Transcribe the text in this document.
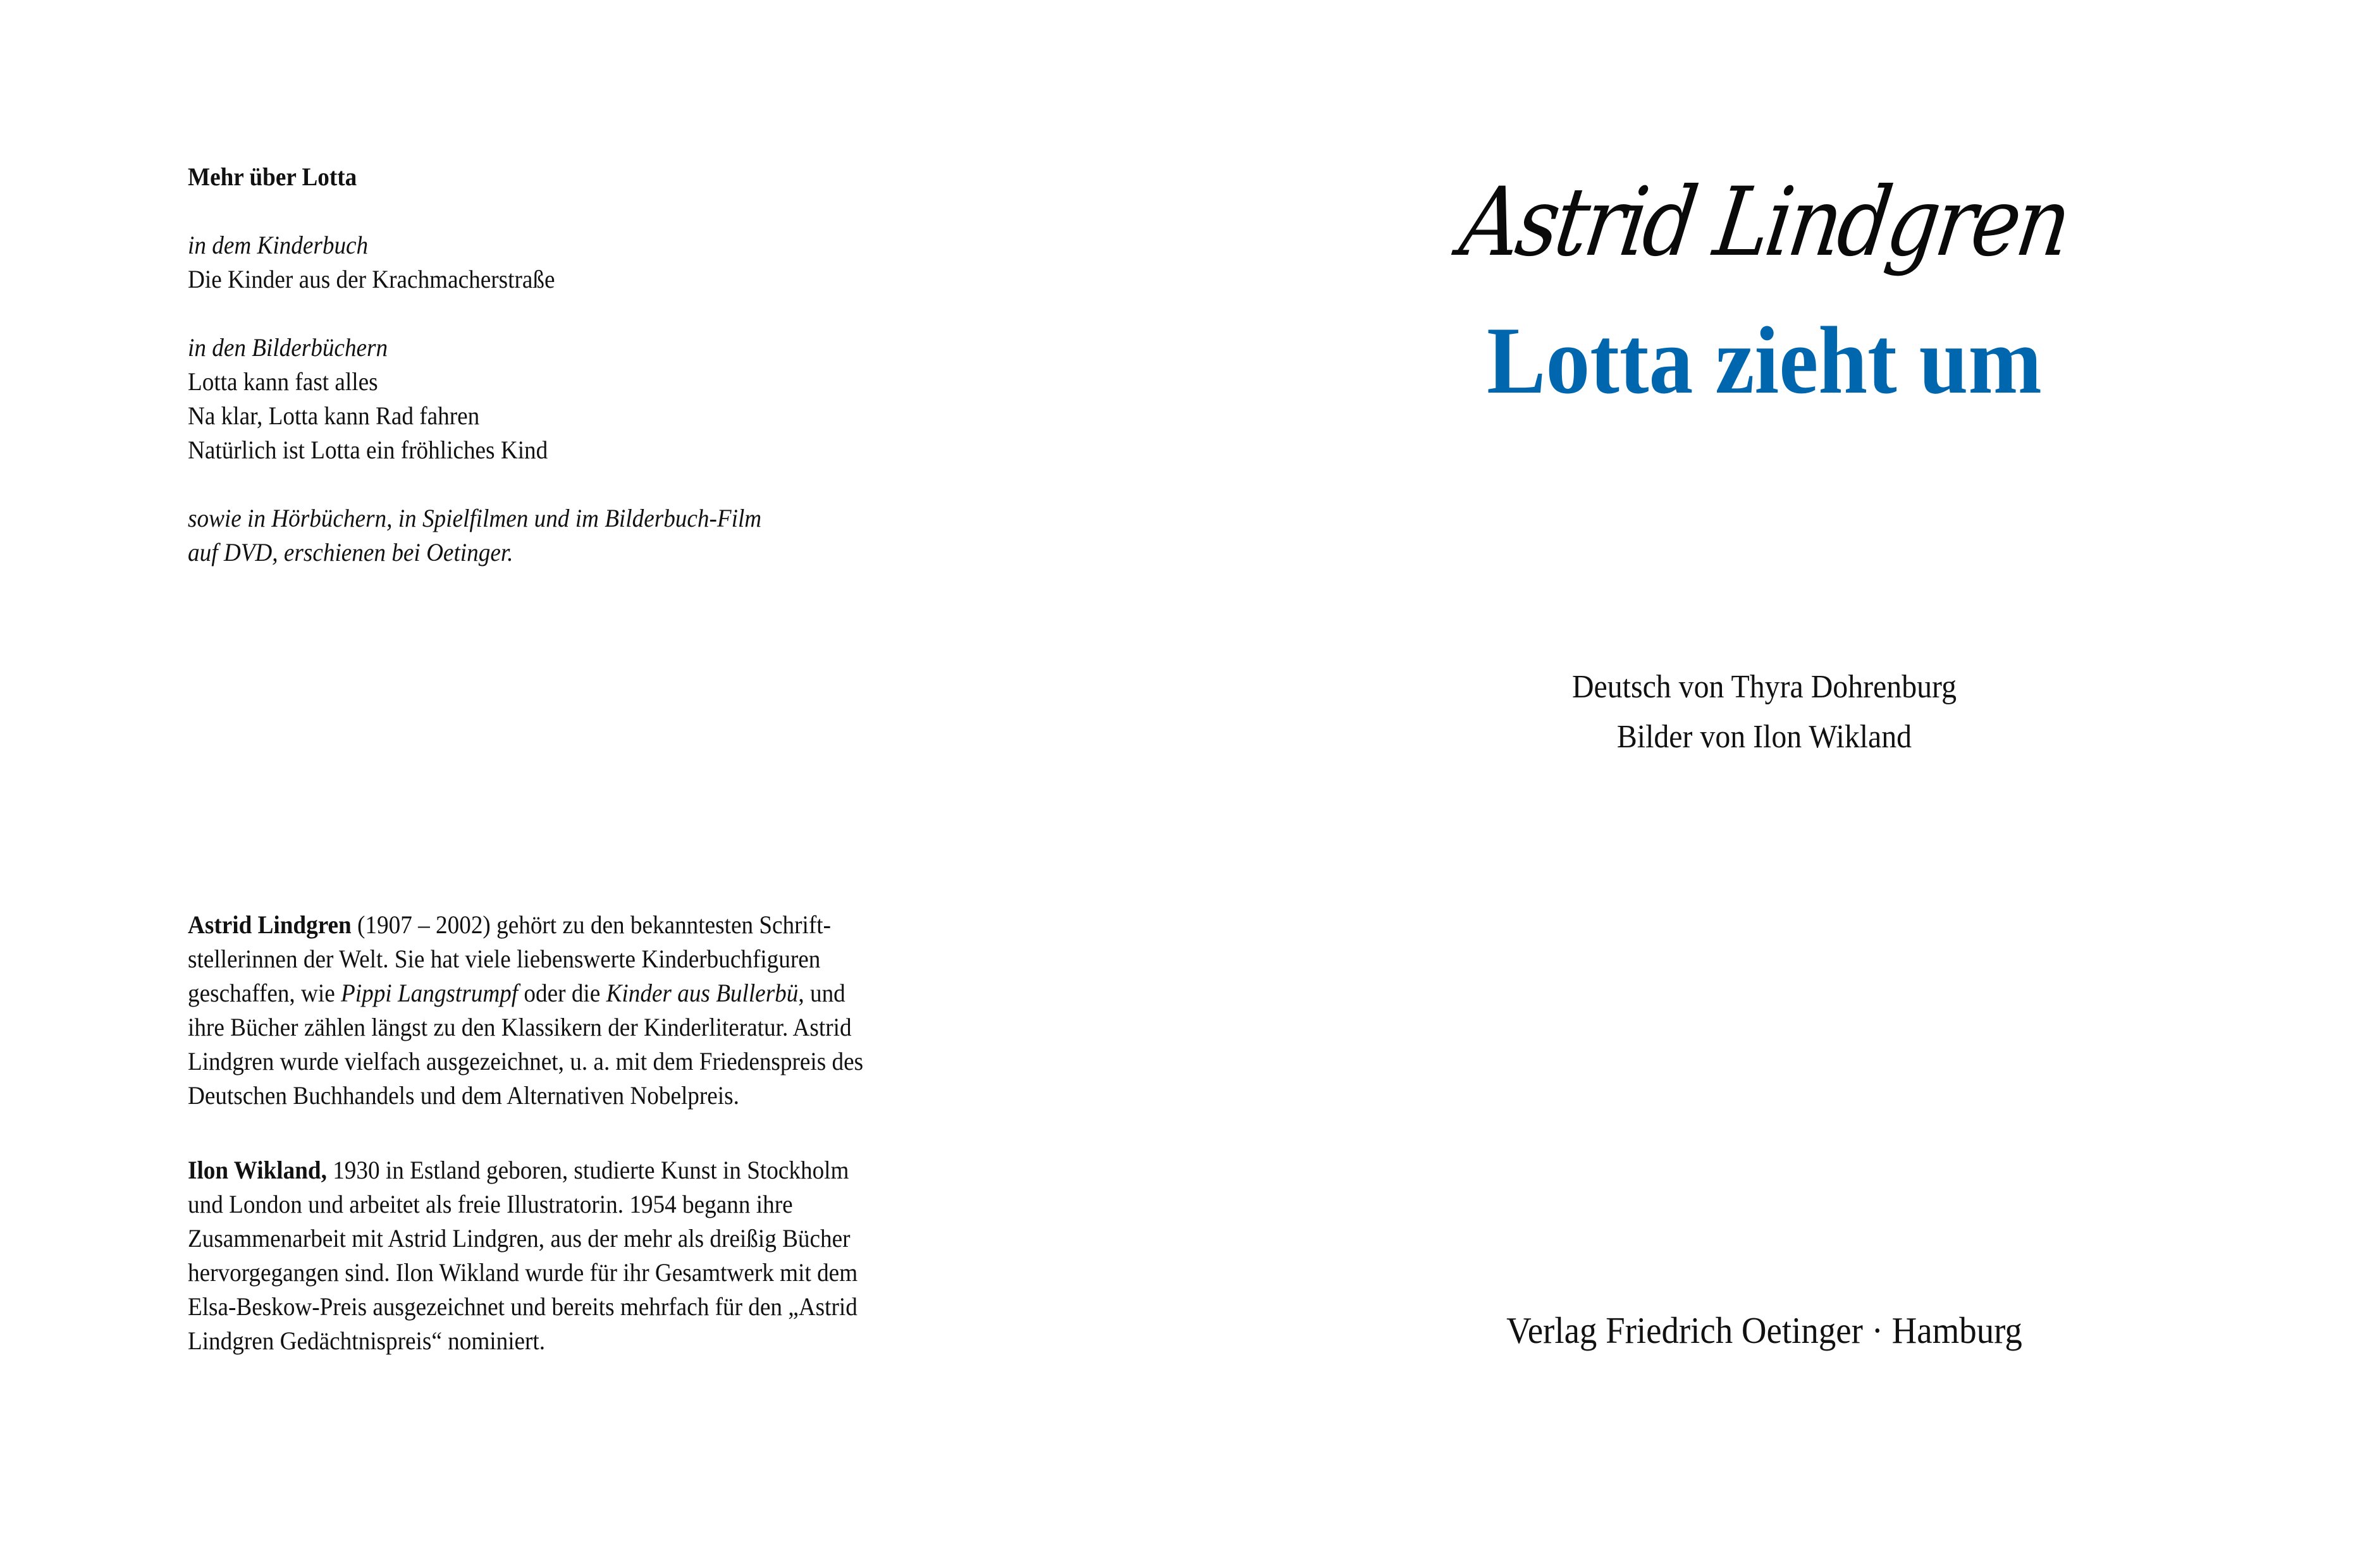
Mehr über Lotta
in dem Kinderbuch
Die Kinder aus der Krachmacherstraße
in den Bilderbüchern
Lotta kann fast alles
Na klar, Lotta kann Rad fahren
Natürlich ist Lotta ein fröhliches Kind
sowie in Hörbüchern, in Spielfilmen und im Bilderbuch-Film
auf DVD, erschienen bei Oetinger.
Astrid Lindgren (1907 – 2002) gehört zu den bekanntesten Schrift-
stellerinnen der Welt. Sie hat viele liebenswerte Kinderbuchfiguren
geschaffen, wie Pippi Langstrumpf oder die Kinder aus Bullerbü, und
ihre Bücher zählen längst zu den Klassikern der Kinderliteratur. Astrid
Lindgren wurde vielfach ausgezeichnet, u. a. mit dem Friedenspreis des
Deutschen Buchhandels und dem Alternativen Nobelpreis.
Ilon Wikland, 1930 in Estland geboren, studierte Kunst in Stockholm
und London und arbeitet als freie Illustratorin. 1954 begann ihre
Zusammenarbeit mit Astrid Lindgren, aus der mehr als dreißig Bücher
hervorgegangen sind. Ilon Wikland wurde für ihr Gesamtwerk mit dem
Elsa-Beskow-Preis ausgezeichnet und bereits mehrfach für den „Astrid
Lindgren Gedächtnispreis“ nominiert.
Astrid Lindgren
Lotta zieht um
Deutsch von Thyra Dohrenburg
Bilder von Ilon Wikland
Verlag Friedrich Oetinger · Hamburg
